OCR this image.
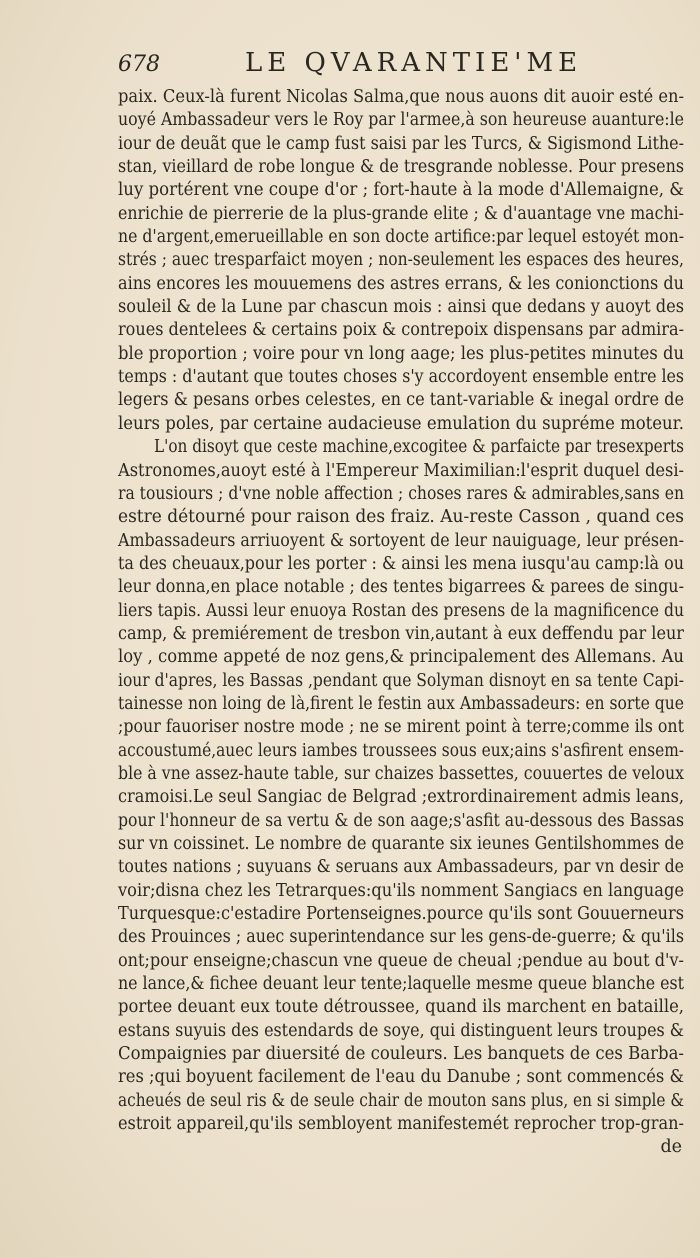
678	LE QVARANTIE'ME
paix. Ceux-là furent Nicolas Salma,que nous auons dit auoir esté en-
uoyé Ambassadeur vers le Roy par l'armee,à son heureuse auanture:le
iour de deuãt que le camp fust saisi par les Turcs, & Sigismond Lithe-
stan, vieillard de robe longue & de tresgrande noblesse. Pour presens
luy portérent vne coupe d'or ; fort-haute à la mode d'Allemaigne, &
enrichie de pierrerie de la plus-grande elite ; & d'auantage vne machi-
ne d'argent,emerueillable en son docte artifice:par lequel estoyét mon-
strés ; auec tresparfaict moyen ; non-seulement les espaces des heures,
ains encores les mouuemens des astres errans, & les conionctions du
souleil & de la Lune par chascun mois : ainsi que dedans y auoyt des
roues dentelees & certains poix & contrepoix dispensans par admira-
ble proportion ; voire pour vn long aage; les plus-petites minutes du
temps : d'autant que toutes choses s'y accordoyent ensemble entre les
legers & pesans orbes celestes, en ce tant-variable & inegal ordre de
leurs poles, par certaine audacieuse emulation du supréme moteur.
L'on disoyt que ceste machine,excogitee & parfaicte par tresexperts
Astronomes,auoyt esté à l'Empereur Maximilian:l'esprit duquel desi-
ra tousiours ; d'vne noble affection ; choses rares & admirables,sans en
estre détourné pour raison des fraiz. Au-reste Casson , quand ces
Ambassadeurs arriuoyent & sortoyent de leur nauiguage, leur présen-
ta des cheuaux,pour les porter : & ainsi les mena iusqu'au camp:là ou
leur donna,en place notable ; des tentes bigarrees & parees de singu-
liers tapis. Aussi leur enuoya Rostan des presens de la magnificence du
camp, & premiérement de tresbon vin,autant à eux deffendu par leur
loy , comme appeté de noz gens,& principalement des Allemans. Au
iour d'apres, les Bassas ,pendant que Solyman disnoyt en sa tente Capi-
tainesse non loing de là,firent le festin aux Ambassadeurs: en sorte que
;pour fauoriser nostre mode ; ne se mirent point à terre;comme ils ont
accoustumé,auec leurs iambes troussees sous eux;ains s'asfirent ensem-
ble à vne assez-haute table, sur chaizes bassettes, couuertes de veloux
cramoisi.Le seul Sangiac de Belgrad ;extrordinairement admis leans,
pour l'honneur de sa vertu & de son aage;s'asfit au-dessous des Bassas
sur vn coissinet. Le nombre de quarante six ieunes Gentilshommes de
toutes nations ; suyuans & seruans aux Ambassadeurs, par vn desir de
voir;disna chez les Tetrarques:qu'ils nomment Sangiacs en language
Turquesque:c'estadire Portenseignes.pource qu'ils sont Gouuerneurs
des Prouinces ; auec superintendance sur les gens-de-guerre; & qu'ils
ont;pour enseigne;chascun vne queue de cheual ;pendue au bout d'v-
ne lance,& fichee deuant leur tente;laquelle mesme queue blanche est
portee deuant eux toute détroussee, quand ils marchent en bataille,
estans suyuis des estendards de soye, qui distinguent leurs troupes &
Compaignies par diuersité de couleurs. Les banquets de ces Barba-
res ;qui boyuent facilement de l'eau du Danube ; sont commencés &
acheués de seul ris & de seule chair de mouton sans plus, en si simple &
estroit appareil,qu'ils sembloyent manifestemét reprocher trop-gran-
de
